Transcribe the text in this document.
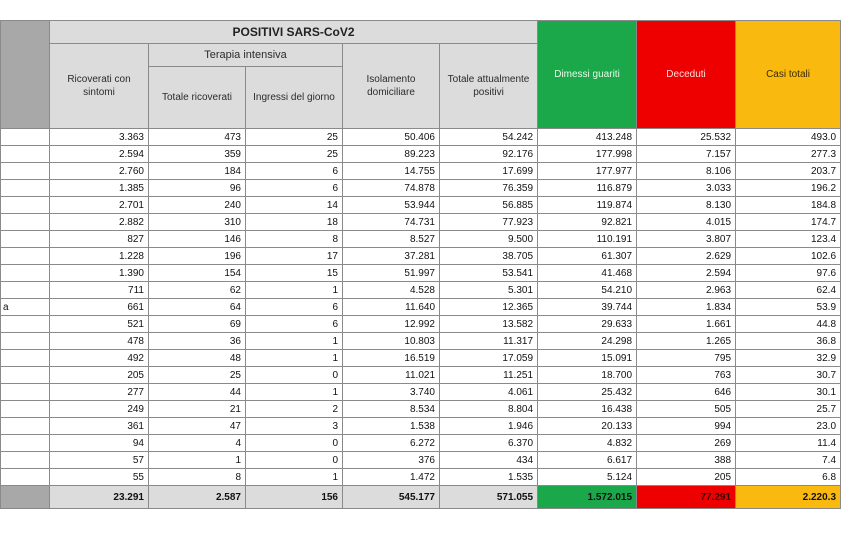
	POSITIVI SARS-CoV2					Dimessi guariti	Deceduti	Casi totali
	Ricoverati con sintomi	Terapia intensiva		Isolamento domiciliare	Totale attualmente positivi			
		Totale ricoverati	Ingressi del giorno					
	3.363	473	25	50.406	54.242	413.248	25.532	493.0
	2.594	359	25	89.223	92.176	177.998	7.157	277.3
	2.760	184	6	14.755	17.699	177.977	8.106	203.7
	1.385	96	6	74.878	76.359	116.879	3.033	196.2
	2.701	240	14	53.944	56.885	119.874	8.130	184.8
	2.882	310	18	74.731	77.923	92.821	4.015	174.7
	827	146	8	8.527	9.500	110.191	3.807	123.4
	1.228	196	17	37.281	38.705	61.307	2.629	102.6
	1.390	154	15	51.997	53.541	41.468	2.594	97.6
	711	62	1	4.528	5.301	54.210	2.963	62.4
a	661	64	6	11.640	12.365	39.744	1.834	53.9
	521	69	6	12.992	13.582	29.633	1.661	44.8
	478	36	1	10.803	11.317	24.298	1.265	36.8
	492	48	1	16.519	17.059	15.091	795	32.9
	205	25	0	11.021	11.251	18.700	763	30.7
	277	44	1	3.740	4.061	25.432	646	30.1
	249	21	2	8.534	8.804	16.438	505	25.7
	361	47	3	1.538	1.946	20.133	994	23.0
	94	4	0	6.272	6.370	4.832	269	11.4
	57	1	0	376	434	6.617	388	7.4
	55	8	1	1.472	1.535	5.124	205	6.8
	23.291	2.587	156	545.177	571.055	1.572.015	77.291	2.220.3
